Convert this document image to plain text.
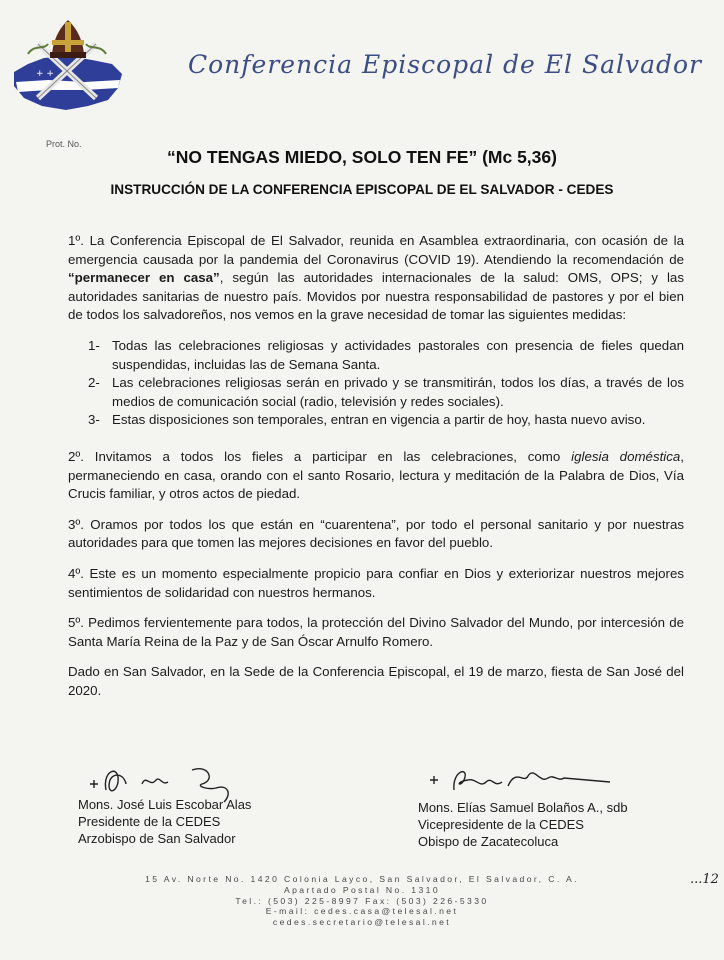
+ +	Conferencia Episcopal de El Salvador
Prot. No.
“NO TENGAS MIEDO, SOLO TEN FE” (Mc 5,36)
INSTRUCCIÓN DE LA CONFERENCIA EPISCOPAL DE EL SALVADOR - CEDES

1º. La Conferencia Episcopal de El Salvador, reunida en Asamblea extraordinaria, con ocasión de la emergencia causada por la pandemia del Coronavirus (COVID 19). Atendiendo la recomendación de “permanecer en casa”, según las autoridades internacionales de la salud: OMS, OPS; y las autoridades sanitarias de nuestro país. Movidos por nuestra responsabilidad de pastores y por el bien de todos los salvadoreños, nos vemos en la grave necesidad de tomar las siguientes medidas:

1- Todas las celebraciones religiosas y actividades pastorales con presencia de fieles quedan suspendidas, incluidas las de Semana Santa.
2- Las celebraciones religiosas serán en privado y se transmitirán, todos los días, a través de los medios de comunicación social (radio, televisión y redes sociales).
3- Estas disposiciones son temporales, entran en vigencia a partir de hoy, hasta nuevo aviso.

2º. Invitamos a todos los fieles a participar en las celebraciones, como iglesia doméstica, permaneciendo en casa, orando con el santo Rosario, lectura y meditación de la Palabra de Dios, Vía Crucis familiar, y otros actos de piedad.

3º. Oramos por todos los que están en “cuarentena”, por todo el personal sanitario y por nuestras autoridades para que tomen las mejores decisiones en favor del pueblo.

4º. Este es un momento especialmente propicio para confiar en Dios y exteriorizar nuestros mejores sentimientos de solidaridad con nuestros hermanos.

5º. Pedimos fervientemente para todos, la protección del Divino Salvador del Mundo, por intercesión de Santa María Reina de la Paz y de San Óscar Arnulfo Romero.

Dado en San Salvador, en la Sede de la Conferencia Episcopal, el 19 de marzo, fiesta de San José del 2020.

Mons. José Luis Escobar Alas
Presidente de la CEDES
Arzobispo de San Salvador
Mons. Elías Samuel Bolaños A., sdb
Vicepresidente de la CEDES
Obispo de Zacatecoluca
15 Av. Norte No. 1420 Colonia Layco, San Salvador, El Salvador, C. A.
Apartado Postal No. 1310
Tel.: (503) 225-8997 Fax: (503) 226-5330
E-mail: cedes.casa@telesal.net
cedes.secretario@telesal.net
...12
